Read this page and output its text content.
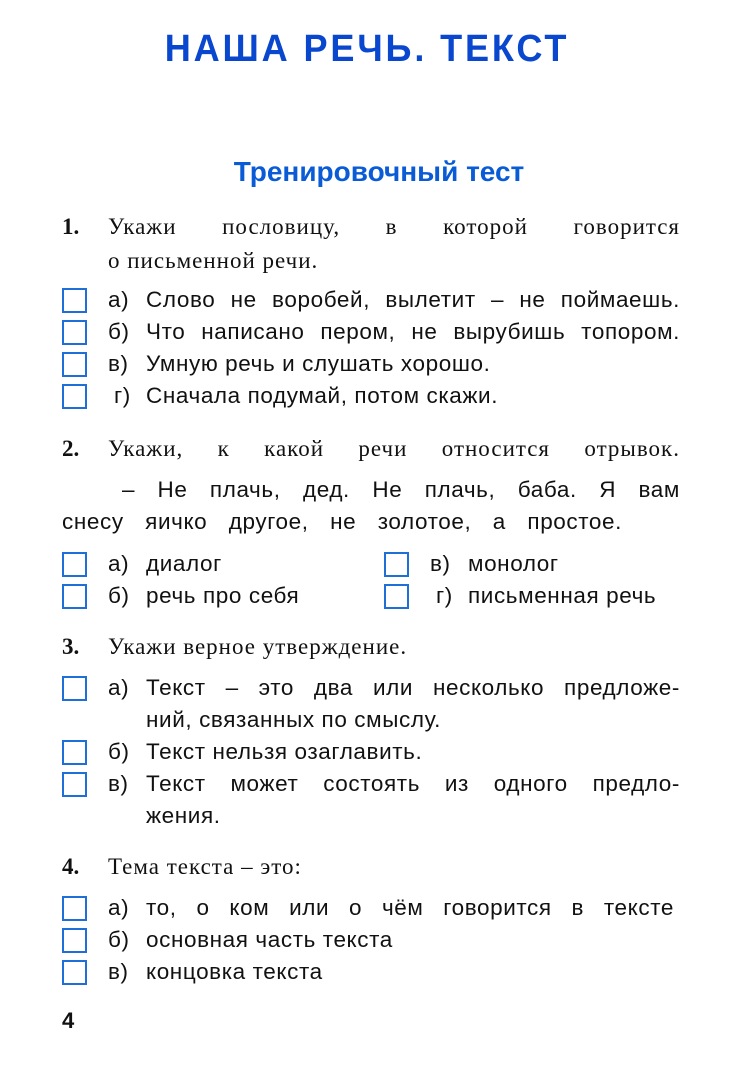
НАША РЕЧЬ. ТЕКСТ
Тренировочный тест
1. Укажи пословицу, в которой говорится
о письменной речи.
а) Слово не воробей, вылетит – не поймаешь.
б) Что написано пером, не вырубишь топором.
в) Умную речь и слушать хорошо.
г) Сначала подумай, потом скажи.
2. Укажи, к какой речи относится отрывок.
– Не плачь, дед. Не плачь, баба. Я вам
снесу яичко другое, не золотое, а простое.
а) диалог
б) речь про себя
в) монолог
г) письменная речь
3. Укажи верное утверждение.
а) Текст – это два или несколько предложе-
ний, связанных по смыслу.
б) Текст нельзя озаглавить.
в) Текст может состоять из одного предло-
жения.
4. Тема текста – это:
а) то, о ком или о чём говорится в тексте
б) основная часть текста
в) концовка текста
4
